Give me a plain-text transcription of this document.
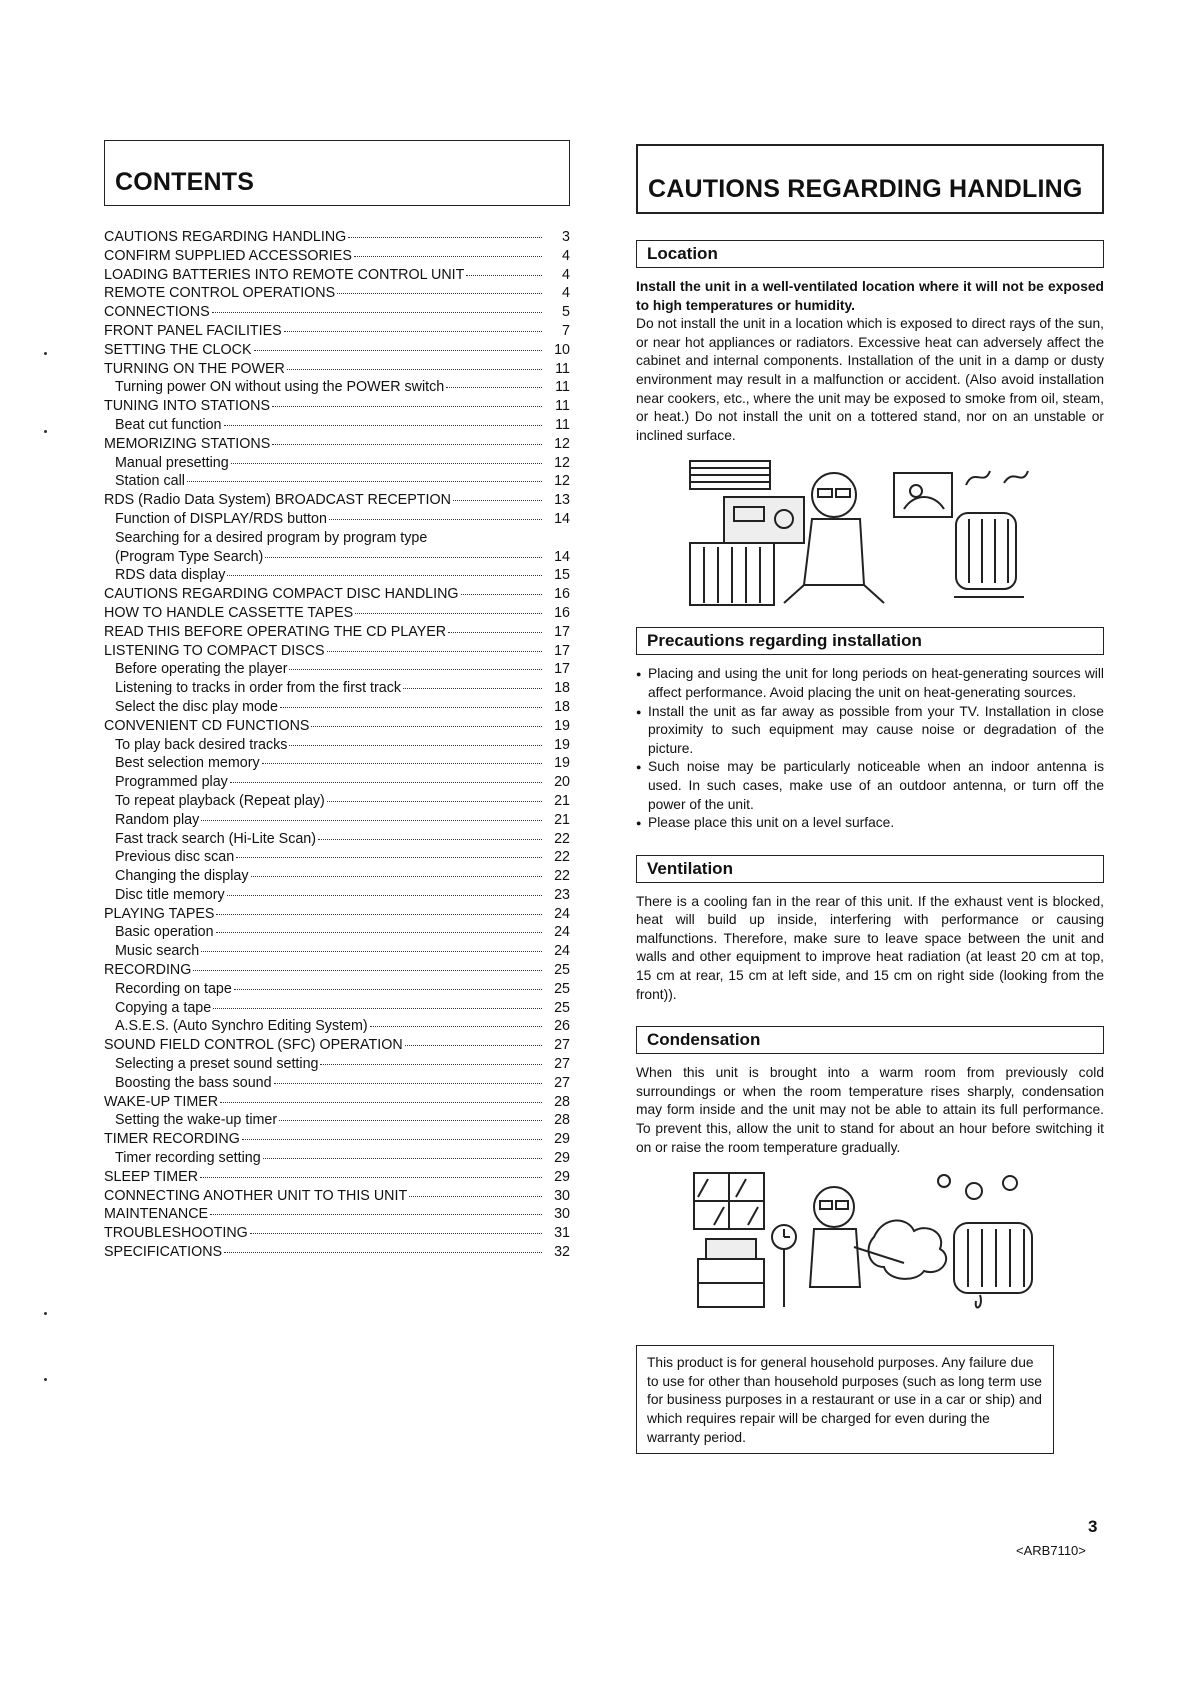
CONTENTS
CAUTIONS REGARDING HANDLING	3
CONFIRM SUPPLIED ACCESSORIES	4
LOADING BATTERIES INTO REMOTE CONTROL UNIT	4
REMOTE CONTROL OPERATIONS	4
CONNECTIONS	5
FRONT PANEL FACILITIES	7
SETTING THE CLOCK	10
TURNING ON THE POWER	11
Turning power ON without using the POWER switch	11
TUNING INTO STATIONS	11
Beat cut function	11
MEMORIZING STATIONS	12
Manual presetting	12
Station call	12
RDS (Radio Data System) BROADCAST RECEPTION	13
Function of DISPLAY/RDS button	14
Searching for a desired program by program type
(Program Type Search)	14
RDS data display	15
CAUTIONS REGARDING COMPACT DISC HANDLING	16
HOW TO HANDLE CASSETTE TAPES	16
READ THIS BEFORE OPERATING THE CD PLAYER	17
LISTENING TO COMPACT DISCS	17
Before operating the player	17
Listening to tracks in order from the first track	18
Select the disc play mode	18
CONVENIENT CD FUNCTIONS	19
To play back desired tracks	19
Best selection memory	19
Programmed play	20
To repeat playback (Repeat play)	21
Random play	21
Fast track search (Hi-Lite Scan)	22
Previous disc scan	22
Changing the display	22
Disc title memory	23
PLAYING TAPES	24
Basic operation	24
Music search	24
RECORDING	25
Recording on tape	25
Copying a tape	25
A.S.E.S. (Auto Synchro Editing System)	26
SOUND FIELD CONTROL (SFC) OPERATION	27
Selecting a preset sound setting	27
Boosting the bass sound	27
WAKE-UP TIMER	28
Setting the wake-up timer	28
TIMER RECORDING	29
Timer recording setting	29
SLEEP TIMER	29
CONNECTING ANOTHER UNIT TO THIS UNIT	30
MAINTENANCE	30
TROUBLESHOOTING	31
SPECIFICATIONS	32
CAUTIONS REGARDING HANDLING
Location
Install the unit in a well-ventilated location where it will not be exposed to high temperatures or humidity.
Do not install the unit in a location which is exposed to direct rays of the sun, or near hot appliances or radiators. Excessive heat can adversely affect the cabinet and internal components. Installation of the unit in a damp or dusty environment may result in a malfunction or accident. (Also avoid installation near cookers, etc., where the unit may be exposed to smoke from oil, steam, or heat.) Do not install the unit on a tottered stand, nor on an unstable or inclined surface.
Precautions regarding installation
● Placing and using the unit for long periods on heat-generating sources will affect performance. Avoid placing the unit on heat-generating sources.
● Install the unit as far away as possible from your TV. Installation in close proximity to such equipment may cause noise or degradation of the picture.
● Such noise may be particularly noticeable when an indoor antenna is used. In such cases, make use of an outdoor antenna, or turn off the power of the unit.
● Please place this unit on a level surface.
Ventilation
There is a cooling fan in the rear of this unit. If the exhaust vent is blocked, heat will build up inside, interfering with performance or causing malfunctions. Therefore, make sure to leave space between the unit and walls and other equipment to improve heat radiation (at least 20 cm at top, 15 cm at rear, 15 cm at left side, and 15 cm on right side (looking from the front)).
Condensation
When this unit is brought into a warm room from previously cold surroundings or when the room temperature rises sharply, condensation may form inside and the unit may not be able to attain its full performance. To prevent this, allow the unit to stand for about an hour before switching it on or raise the room temperature gradually.
This product is for general household purposes. Any failure due to use for other than household purposes (such as long term use for business purposes in a restaurant or use in a car or ship) and which requires repair will be charged for even during the warranty period.
3
<ARB7110>
